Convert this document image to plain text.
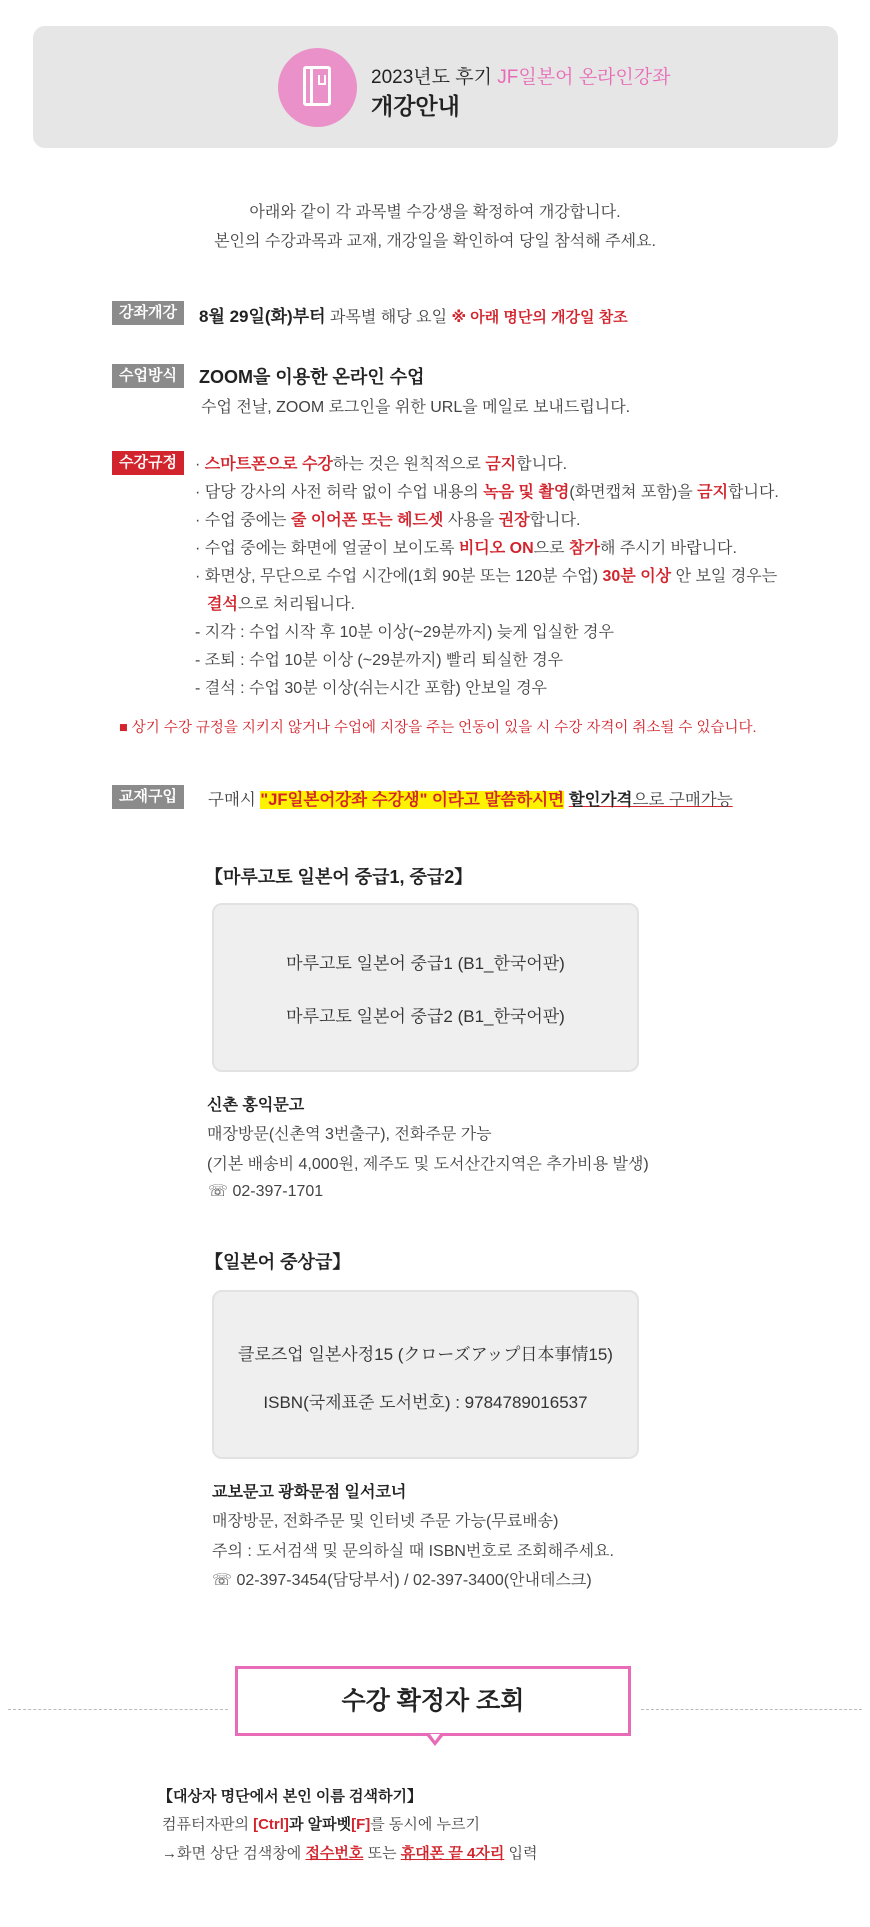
2023년도 후기 JF일본어 온라인강좌
개강안내
아래와 같이 각 과목별 수강생을 확정하여 개강합니다.
본인의 수강과목과 교재, 개강일을 확인하여 당일 참석해 주세요.
강좌개강	8월 29일(화)부터 과목별 해당 요일 ※ 아래 명단의 개강일 참조
수업방식	ZOOM을 이용한 온라인 수업
수업 전날, ZOOM 로그인을 위한 URL을 메일로 보내드립니다.
수강규정	· 스마트폰으로 수강하는 것은 원칙적으로 금지합니다.
· 담당 강사의 사전 허락 없이 수업 내용의 녹음 및 촬영(화면캡쳐 포함)을 금지합니다.
· 수업 중에는 줄 이어폰 또는 헤드셋 사용을 권장합니다.
· 수업 중에는 화면에 얼굴이 보이도록 비디오 ON으로 참가해 주시기 바랍니다.
· 화면상, 무단으로 수업 시간에(1회 90분 또는 120분 수업) 30분 이상 안 보일 경우는
결석으로 처리됩니다.
- 지각 : 수업 시작 후 10분 이상(~29분까지) 늦게 입실한 경우
- 조퇴 : 수업 10분 이상 (~29분까지) 빨리 퇴실한 경우
- 결석 : 수업 30분 이상(쉬는시간 포함) 안보일 경우
■ 상기 수강 규정을 지키지 않거나 수업에 지장을 주는 언동이 있을 시 수강 자격이 취소될 수 있습니다.
교재구입	구매시 "JF일본어강좌 수강생" 이라고 말씀하시면 할인가격으로 구매가능
【마루고토 일본어 중급1, 중급2】
마루고토 일본어 중급1 (B1_한국어판)
마루고토 일본어 중급2 (B1_한국어판)
신촌 홍익문고
매장방문(신촌역 3번출구), 전화주문 가능
(기본 배송비 4,000원, 제주도 및 도서산간지역은 추가비용 발생)
☏ 02-397-1701
【일본어 중상급】
클로즈업 일본사정15 (クローズアップ日本事情15)
ISBN(국제표준 도서번호) : 9784789016537
교보문고 광화문점 일서코너
매장방문, 전화주문 및 인터넷 주문 가능(무료배송)
주의 : 도서검색 및 문의하실 때 ISBN번호로 조회해주세요.
☏ 02-397-3454(담당부서) / 02-397-3400(안내데스크)
수강 확정자 조회
【대상자 명단에서 본인 이름 검색하기】
컴퓨터자판의 [Ctrl]과 알파벳[F]를 동시에 누르기
→화면 상단 검색창에 접수번호 또는 휴대폰 끝 4자리 입력
